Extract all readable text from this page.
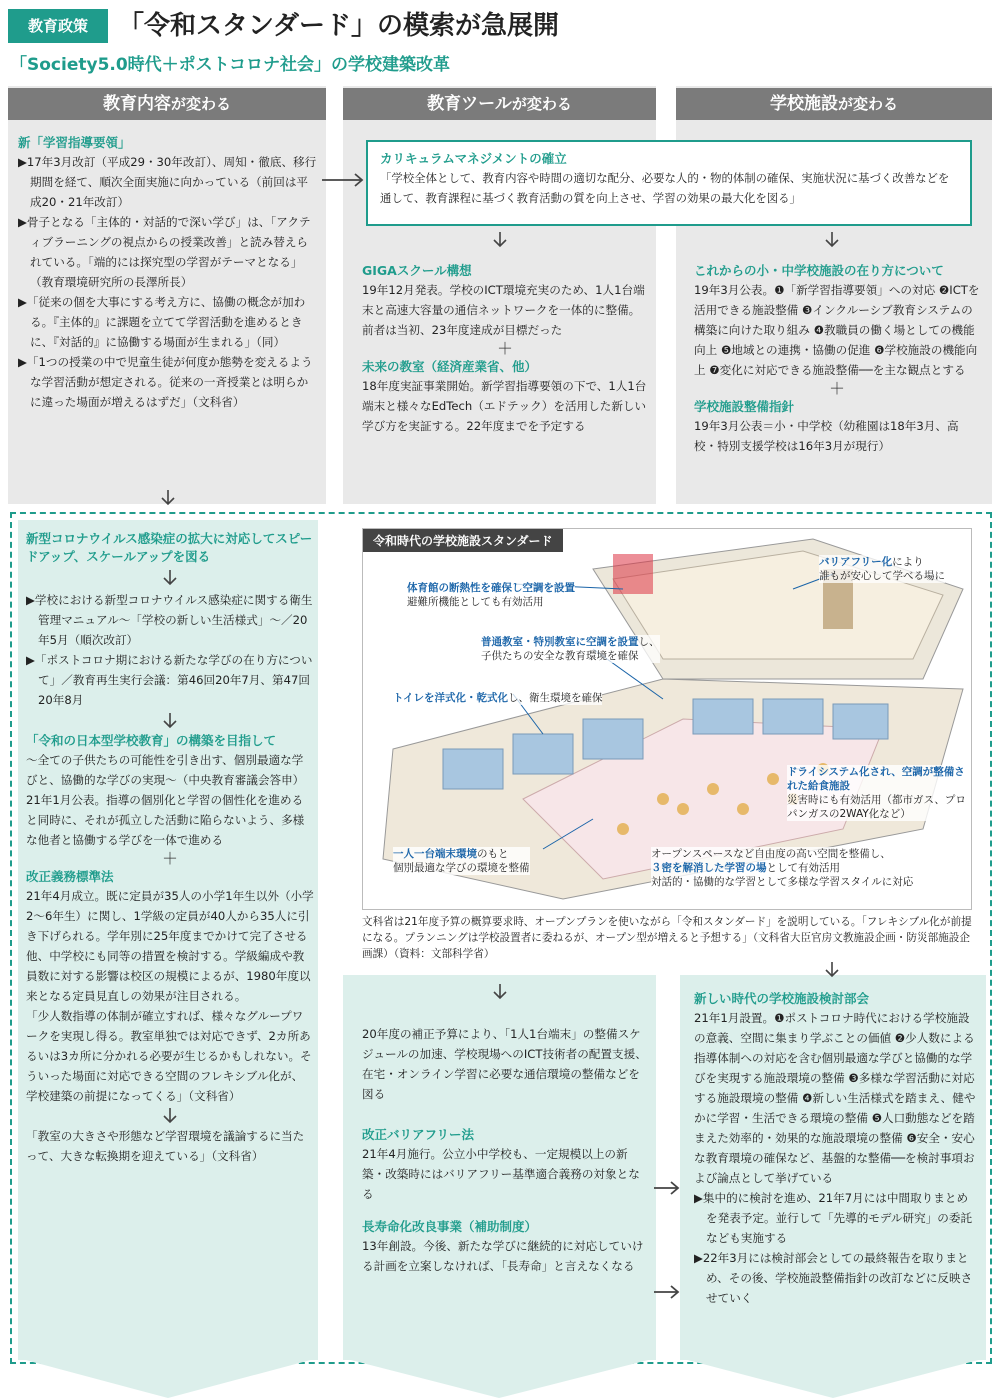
教育政策	「令和スタンダード」の模索が急展開
「Society5.0時代＋ポストコロナ社会」の学校建築改革
教育内容が変わる	教育ツールが変わる	学校施設が変わる
新「学習指導要領」
▶17年3月改訂（平成29・30年改訂）、周知・徹底、移行期間を経て、順次全面実施に向かっている（前回は平成20・21年改訂）
▶骨子となる「主体的・対話的で深い学び」は、「アクティブラーニングの視点からの授業改善」と読み替えられている。「端的には探究型の学習がテーマとなる」（教育環境研究所の長澤所長）
▶「従来の個を大事にする考え方に、協働の概念が加わる。『主体的』に課題を立てて学習活動を進めるときに、『対話的』に協働する場面が生まれる」（同）
▶「1つの授業の中で児童生徒が何度か態勢を変えるような学習活動が想定される。従来の一斉授業とは明らかに違った場面が増えるはずだ」（文科省）
新型コロナウイルス感染症の拡大に対応してスピードアップ、スケールアップを図る
▶学校における新型コロナウイルス感染症に関する衛生管理マニュアル～「学校の新しい生活様式」～／20年5月（順次改訂）
▶「ポストコロナ期における新たな学びの在り方について」／教育再生実行会議：第46回20年7月、第47回20年8月
「令和の日本型学校教育」の構築を目指して
～全ての子供たちの可能性を引き出す、個別最適な学びと、協働的な学びの実現～（中央教育審議会答申）
21年1月公表。指導の個別化と学習の個性化を進めると同時に、それが孤立した活動に陥らないよう、多様な他者と協働する学びを一体で進める
＋
改正義務標準法
21年4月成立。既に定員が35人の小学1年生以外（小学2～6年生）に関し、1学級の定員が40人から35人に引き下げられる。学年別に25年度までかけて完了させる他、中学校にも同等の措置を検討する。学級編成や教員数に対する影響は校区の規模による​が、1980年度以来となる定員見直しの効果が注目される。
「少人数指導の体制が確立すれば、様々なグループワークを実現し得る。教室単独では対応できず、2カ所あるいは3カ所に分かれる必要が生じるかもしれない。そういった場面に対応できる空間のフレキシブル化が、学校建築の前提になってくる」（文科省）
「教室の大きさや形態など学習環境を議論するに当たって、大きな転換期を迎えている」（文科省）
カリキュラムマネジメントの確立
「学校全体として、教育内容や時間の適切な配分、必要な人的・物的体制の確保、実施状況に基づく改善などを通して、教育課程に基づく教育活動の質を向上させ、学習の効果の最大化を図る」
GIGAスクール構想
19年12月発表。学校のICT環境充実のため、1人1台端末と高速大容量の通信ネットワークを一体的に整備。前者は当初、23年度達成が目標だった
＋
未来の教室（経済産業省、他）
18年度実証事業開始。新学習指導要領の下で、1人1台端末と様々なEdTech（エドテック）を活用した新しい学び方を実証する。22年度までを予定する
これからの小・中学校施設の在り方について
19年3月公表。❶「新学習指導要領」への対応 ❷ICTを活用できる施設整備 ❸インクルーシブ教育システムの構築に向けた取り組み ❹教職員の働く場としての機能向上 ❺地域との連携・協働の促進 ❻学校施設の機能向上 ❼変化に対応できる施設整備──を主な観点とする
＋
学校施設整備指針
19年3月公表＝小・中学校（幼稚園は18年3月、高校・特別支援学校は16年3月が現行）
令和時代の学校施設スタンダード
体育館の断熱性を確保し空調を設置
避難所機能としても有効活用
バリアフリー化により
誰もが安心して学べる場に
普通教室・特別教室に空調を設置し、
子供たちの安全な教育環境を確保
トイレを洋式化・乾式化し、衛生環境を確保
ドライシステム化され、空調が整備された給食施設
災害時にも有効活用（都市ガス、プロパンガスの2WAY化など）
一人一台端末環境のもと
個別最適な学びの環境を整備
オープンスペースなど自由度の高い空間を整備し、
３密を解消した学習の場として有効活用
対話的・協働的な学習として多様な学習スタイルに対応
文科省は21年度予算の概算要求時、オープンプランを使いながら「令和スタンダード」を説明している。「フレキシブル化が前提になる。プランニングは学校設置者に委ねるが、オープン型が増えると予想する」（文科省大臣官房文教施設企画・防災部施設企画課）（資料：文部科学省）
20年度の補正予算により、「1人1台端末」の整備スケジュールの加速、学校現場へのICT技術者の配置支援、在宅・オンライン学習に必要な通信環境の整備などを図る
改正バリアフリー法
21年4月施行。公立小中学校も、一定規模以上の新築・改築時にはバリアフリー基準適合義務の対象となる
長寿命化改良事業（補助制度）
13年創設。今後、新たな学びに継続的に対応していける計画を立案しなければ、「長寿命」と言えなくなる
新しい時代の学校施設検討部会
21年1月設置。❶ポストコロナ時代における学校施設の意義、空間に集まり学ぶことの価値 ❷少人数による指導体制への対応を含む個別最適な学びと協働的な学びを実現する施設環境の整備 ❸多様な学習活動に対応する施設環境の整備 ❹新しい生活様式を踏まえ、健やかに学習・生活できる環境の整備 ❺人口動態などを踏まえた効率的・効果的な施設環境の整備 ❻安全・安心な教育環境の確保など、基盤的な整備──を検討事項および論点として挙げている
▶集中的に検討を進め、21年7月には中間取りまとめを発表予定。並行して「先導的モデル研究」の委託なども実施する
▶22年3月には検討部会としての最終報告を取りまとめ、その後、学校施設整備指針の改訂などに反映させていく
